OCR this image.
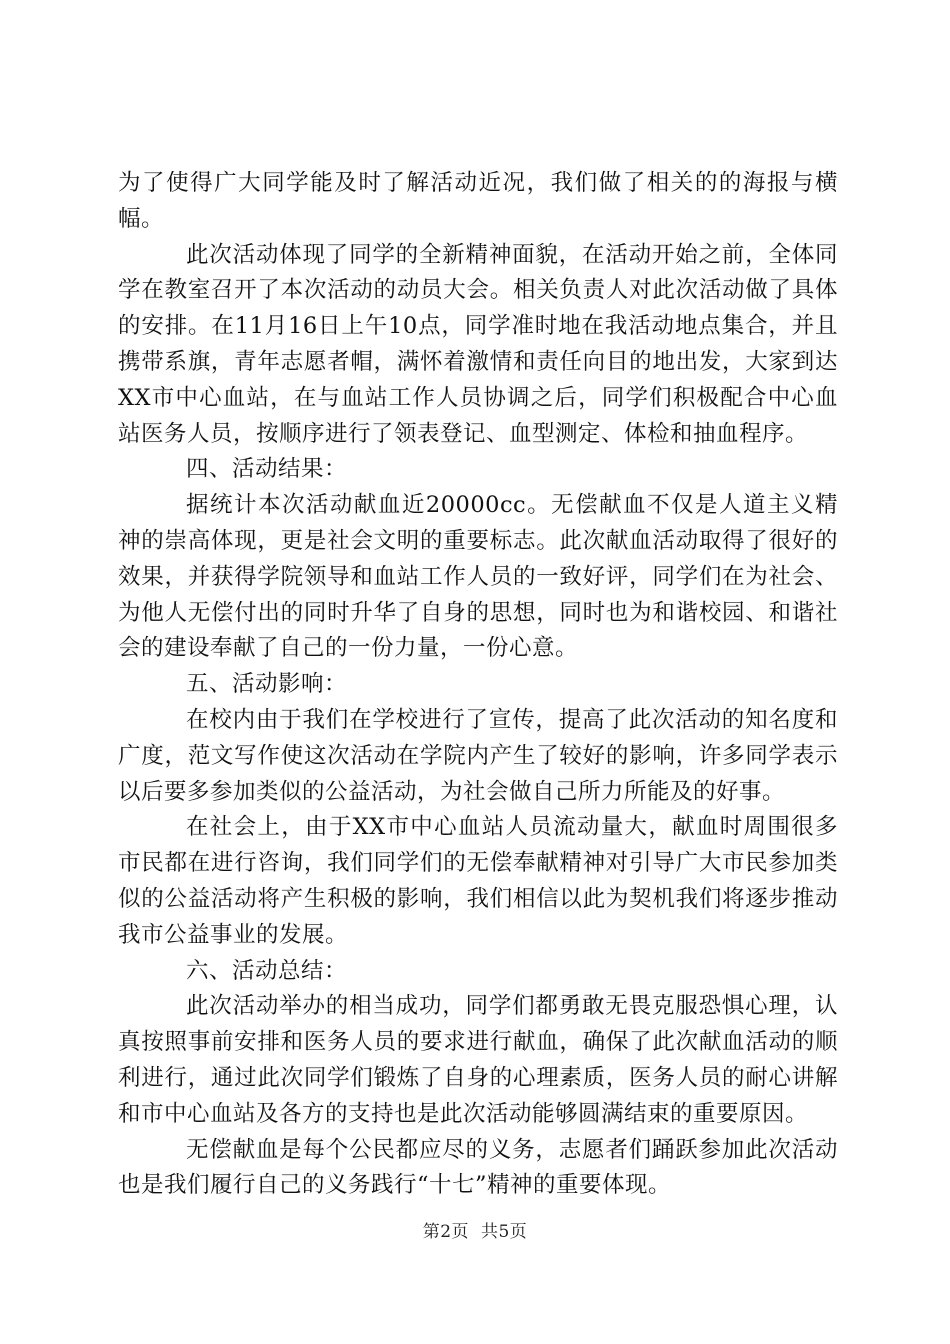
为了使得广大同学能及时了解活动近况，我们做了相关的的海报与横幅。

此次活动体现了同学的全新精神面貌，在活动开始之前，全体同学在教室召开了本次活动的动员大会。相关负责人对此次活动做了具体的安排。在11月16日上午10点，同学准时地在我活动地点集合，并且携带系旗，青年志愿者帽，满怀着激情和责任向目的地出发，大家到达XX市中心血站，在与血站工作人员协调之后，同学们积极配合中心血站医务人员，按顺序进行了领表登记、血型测定、体检和抽血程序。

四、活动结果：

据统计本次活动献血近20000cc。无偿献血不仅是人道主义精神的崇高体现，更是社会文明的重要标志。此次献血活动取得了很好的效果，并获得学院领导和血站工作人员的一致好评，同学们在为社会、为他人无偿付出的同时升华了自身的思想，同时也为和谐校园、和谐社会的建设奉献了自己的一份力量，一份心意。

五、活动影响：

在校内由于我们在学校进行了宣传，提高了此次活动的知名度和广度，范文写作使这次活动在学院内产生了较好的影响，许多同学表示以后要多参加类似的公益活动，为社会做自己所力所能及的好事。

在社会上，由于XX市中心血站人员流动量大，献血时周围很多市民都在进行咨询，我们同学们的无偿奉献精神对引导广大市民参加类似的公益活动将产生积极的影响，我们相信以此为契机我们将逐步推动我市公益事业的发展。

六、活动总结：

此次活动举办的相当成功，同学们都勇敢无畏克服恐惧心理，认真按照事前安排和医务人员的要求进行献血，确保了此次献血活动的顺利进行，通过此次同学们锻炼了自身的心理素质，医务人员的耐心讲解和市中心血站及各方的支持也是此次活动能够圆满结束的重要原因。

无偿献血是每个公民都应尽的义务，志愿者们踊跃参加此次活动也是我们履行自己的义务践行“十七”精神的重要体现。

第2页 共5页
